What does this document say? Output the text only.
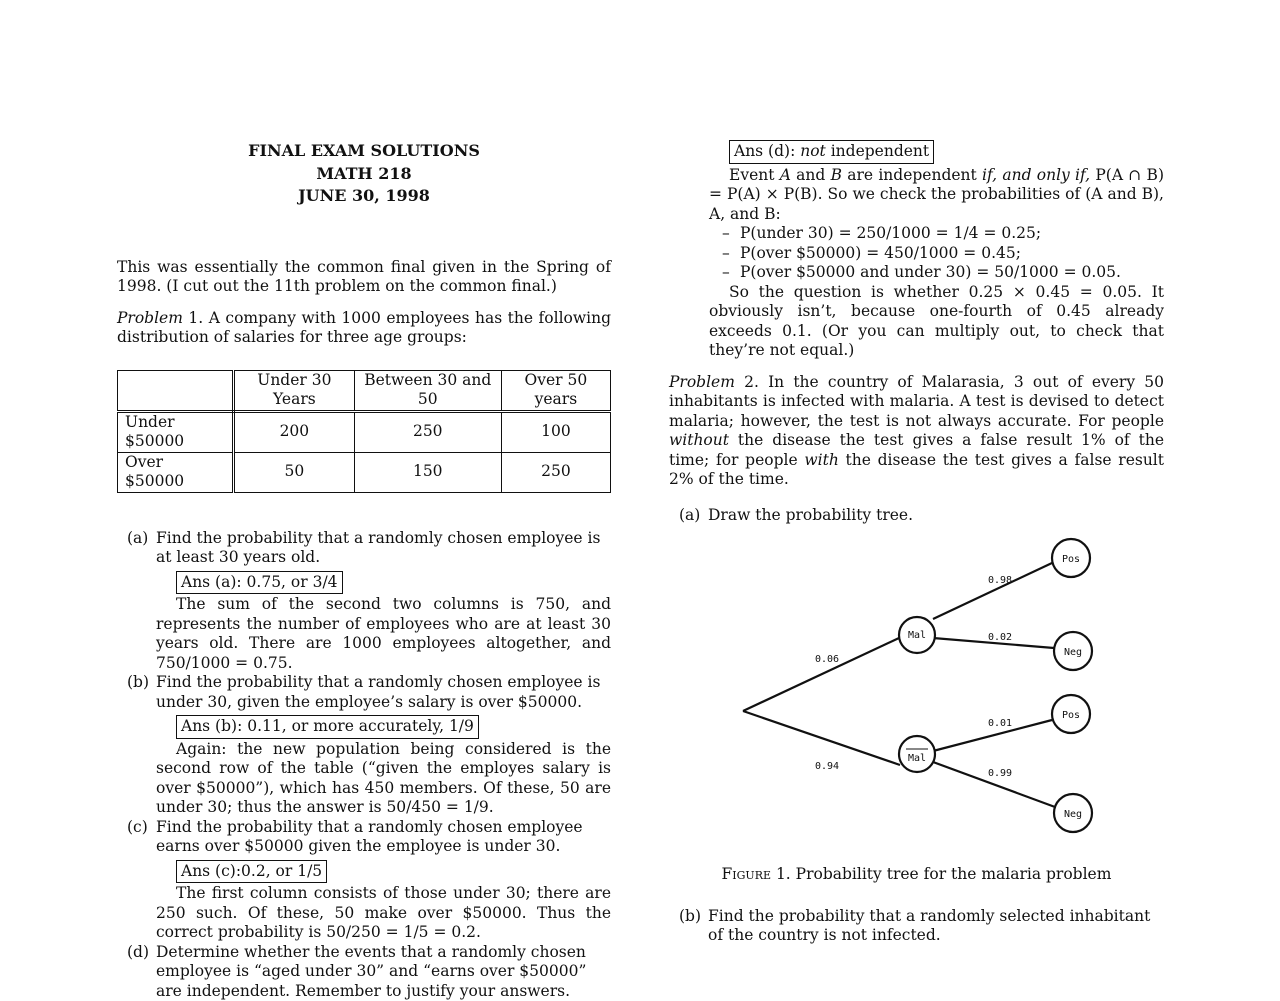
FINAL EXAM SOLUTIONS
MATH 218
JUNE 30, 1998

This was essentially the common final given in the Spring of 1998. (I cut out the 11th problem on the common final.)

Problem 1. A company with 1000 employees has the following distribution of salaries for three age groups:

	Under 30 Years	Between 30 and 50	Over 50 years
Under $50000	200	250	100
Over $50000	50	150	250
(a) Find the probability that a randomly chosen employee is at least 30 years old.
Ans (a): 0.75, or 3/4

The sum of the second two columns is 750, and represents the number of employees who are at least 30 years old. There are 1000 employees altogether, and 750/1000 = 0.75.

(b) Find the probability that a randomly chosen employee is under 30, given the employee’s salary is over $50000.
Ans (b): 0.11, or more accurately, 1/9

Again: the new population being considered is the second row of the table (“given the employes salary is over $50000”), which has 450 members. Of these, 50 are under 30; thus the answer is 50/450 = 1/9.

(c) Find the probability that a randomly chosen employee earns over $50000 given the employee is under 30.
Ans (c):0.2, or 1/5

The first column consists of those under 30; there are 250 such. Of these, 50 make over $50000. Thus the correct probability is 50/250 = 1/5 = 0.2.

(d) Determine whether the events that a randomly chosen employee is “aged under 30” and “earns over $50000” are independent. Remember to justify your answers.

Ans (d): not independent

Event A and B are independent if, and only if, P(A ∩ B) = P(A) × P(B). So we check the probabilities of (A and B), A, and B:

– P(under 30) = 250/1000 = 1/4 = 0.25;
– P(over $50000) = 450/1000 = 0.45;
– P(over $50000 and under 30) = 50/1000 = 0.05.

So the question is whether 0.25 × 0.45 = 0.05. It obviously isn’t, because one-fourth of 0.45 already exceeds 0.1. (Or you can multiply out, to check that they’re not equal.)

Problem 2. In the country of Malarasia, 3 out of every 50 inhabitants is infected with malaria. A test is devised to detect malaria; however, the test is not always accurate. For people without the disease the test gives a false result 1% of the time; for people with the disease the test gives a false result 2% of the time.

(a) Draw the probability tree.
Mal
Mal
Pos
Neg
Pos
Neg
0.06
0.94
0.98
0.02
0.01
0.99
Figure 1. Probability tree for the malaria problem
(b) Find the probability that a randomly selected inhabitant of the country is not infected.
